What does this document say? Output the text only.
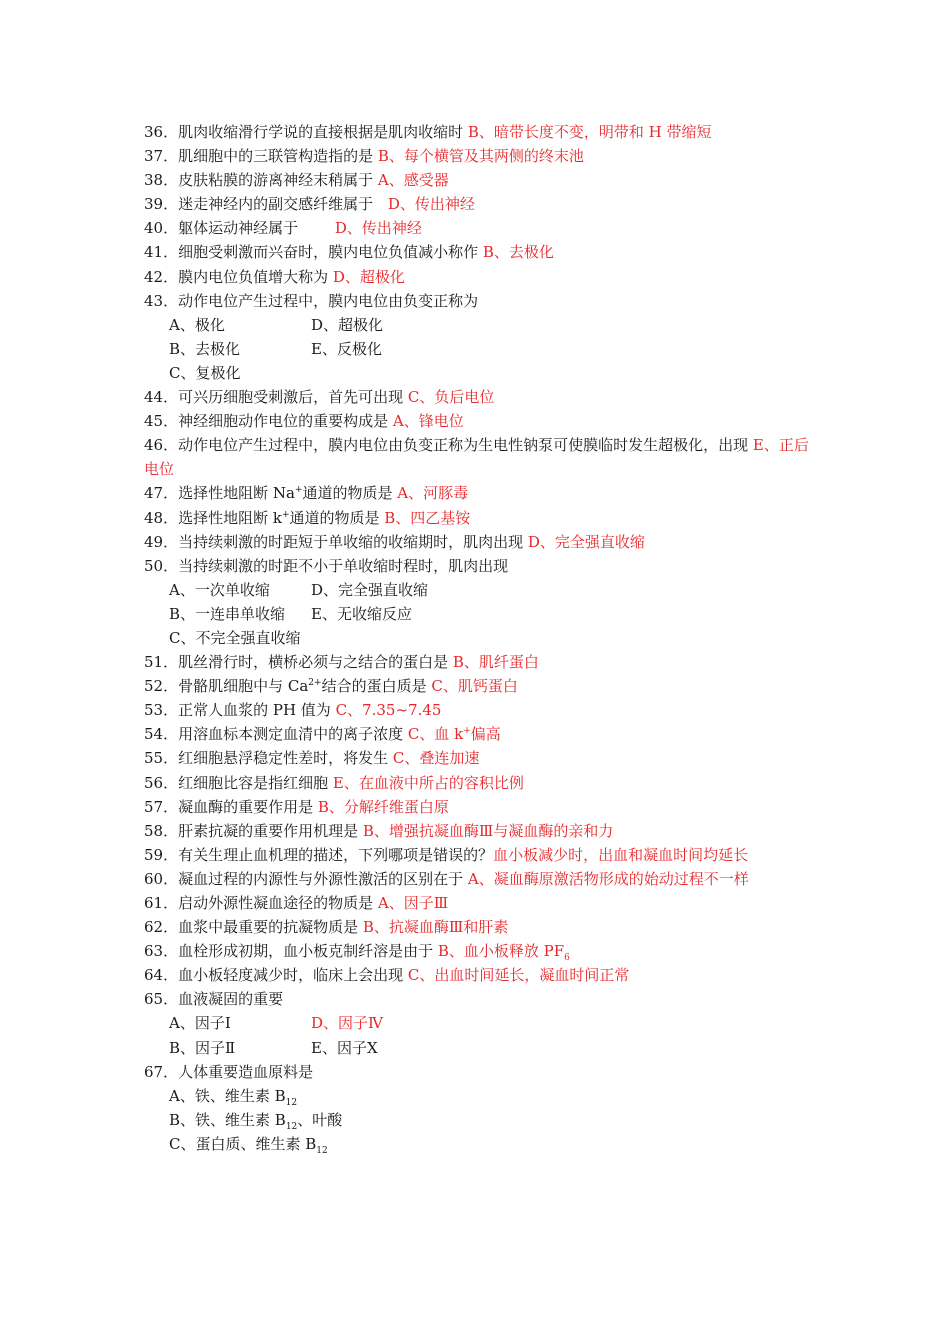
36．肌肉收缩滑行学说的直接根据是肌肉收缩时 B、暗带长度不变，明带和 H 带缩短
37．肌细胞中的三联管构造指的是 B、每个横管及其两侧的终末池
38．皮肤粘膜的游离神经末稍属于 A、感受器
39．迷走神经内的副交感纤维属于 D、传出神经
40．躯体运动神经属于 D、传出神经
41．细胞受刺激而兴奋时，膜内电位负值减小称作 B、去极化
42．膜内电位负值增大称为 D、超极化
43．动作电位产生过程中，膜内电位由负变正称为
A、极化	D、超极化
B、去极化	E、反极化
C、复极化
44．可兴历细胞受刺激后，首先可出现 C、负后电位
45．神经细胞动作电位的重要构成是 A、锋电位
46．动作电位产生过程中，膜内电位由负变正称为生电性钠泵可使膜临时发生超极化，出现 E、正后电位
47．选择性地阻断 Na+通道的物质是 A、河豚毒
48．选择性地阻断 k+通道的物质是 B、四乙基铵
49．当持续刺激的时距短于单收缩的收缩期时，肌肉出现 D、完全强直收缩
50．当持续刺激的时距不小于单收缩时程时，肌肉出现
A、一次单收缩	D、完全强直收缩
B、一连串单收缩 E、无收缩反应
C、不完全强直收缩
51．肌丝滑行时，横桥必须与之结合的蛋白是 B、肌纤蛋白
52．骨骼肌细胞中与 $Ca^{2+}$结合的蛋白质是 C、肌钙蛋白
53．正常人血浆的 PH 值为 C、7.35~7.45
54．用溶血标本测定血清中的离子浓度 C、血 k+偏高
55．红细胞悬浮稳定性差时，将发生 C、叠连加速
56．红细胞比容是指红细胞 E、在血液中所占的容积比例
57．凝血酶的重要作用是 B、分解纤维蛋白原
58．肝素抗凝的重要作用机理是 B、增强抗凝血酶Ⅲ与凝血酶的亲和力
59．有关生理止血机理的描述，下列哪项是错误的？血小板减少时，出血和凝血时间均延长
60．凝血过程的内源性与外源性激活的区别在于 A、凝血酶原激活物形成的始动过程不一样
61．启动外源性凝血途径的物质是 A、因子Ⅲ
62．血浆中最重要的抗凝物质是 B、抗凝血酶Ⅲ和肝素
63．血栓形成初期，血小板克制纤溶是由于 B、血小板释放 $PF_6$
64．血小板轻度减少时，临床上会出现 C、出血时间延长，凝血时间正常
65．血液凝固的重要
A、因子Ⅰ	D、因子Ⅳ
B、因子Ⅱ	E、因子Ⅹ
67．人体重要造血原料是
A、铁、维生素 $B_{12}$
B、铁、维生素 $B_{12}$、叶酸
C、蛋白质、维生素 $B_{12}$
